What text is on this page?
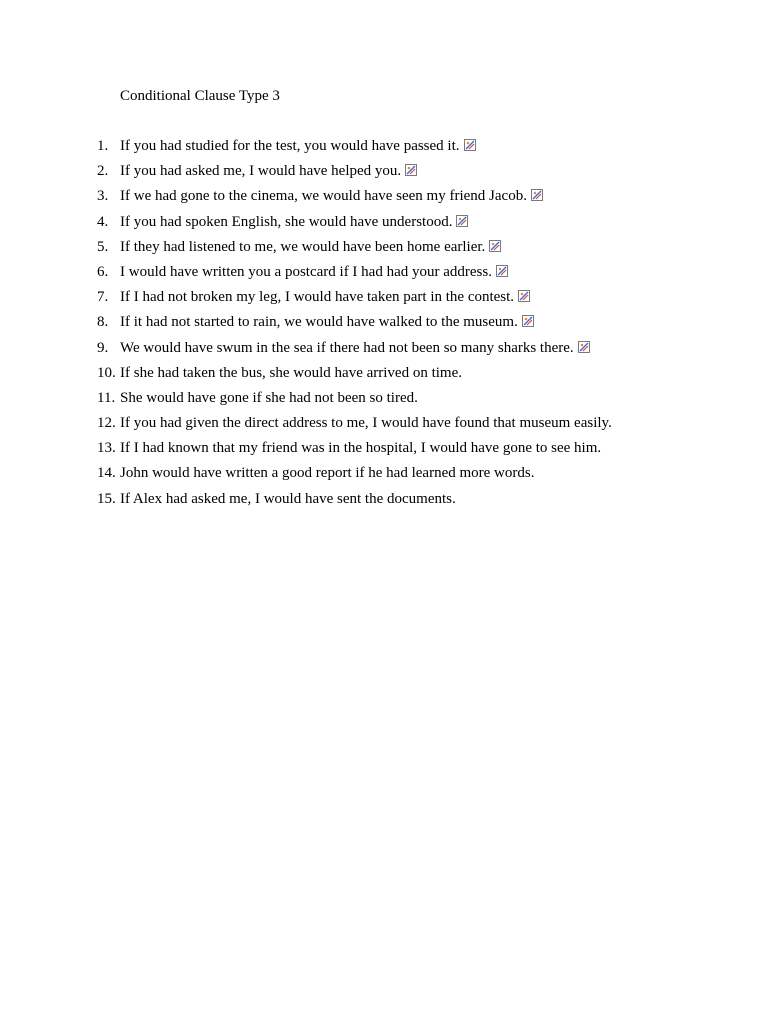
Conditional Clause Type 3
1. If you had studied for the test, you would have passed it.
2. If you had asked me, I would have helped you.
3. If we had gone to the cinema, we would have seen my friend Jacob.
4. If you had spoken English, she would have understood.
5. If they had listened to me, we would have been home earlier.
6. I would have written you a postcard if I had had your address.
7. If I had not broken my leg, I would have taken part in the contest.
8. If it had not started to rain, we would have walked to the museum.
9. We would have swum in the sea if there had not been so many sharks there.
10. If she had taken the bus, she would have arrived on time.
11. She would have gone if she had not been so tired.
12. If you had given the direct address to me, I would have found that museum easily.
13. If I had known that my friend was in the hospital, I would have gone to see him.
14. John would have written a good report if he had learned more words.
15. If Alex had asked me, I would have sent the documents.
